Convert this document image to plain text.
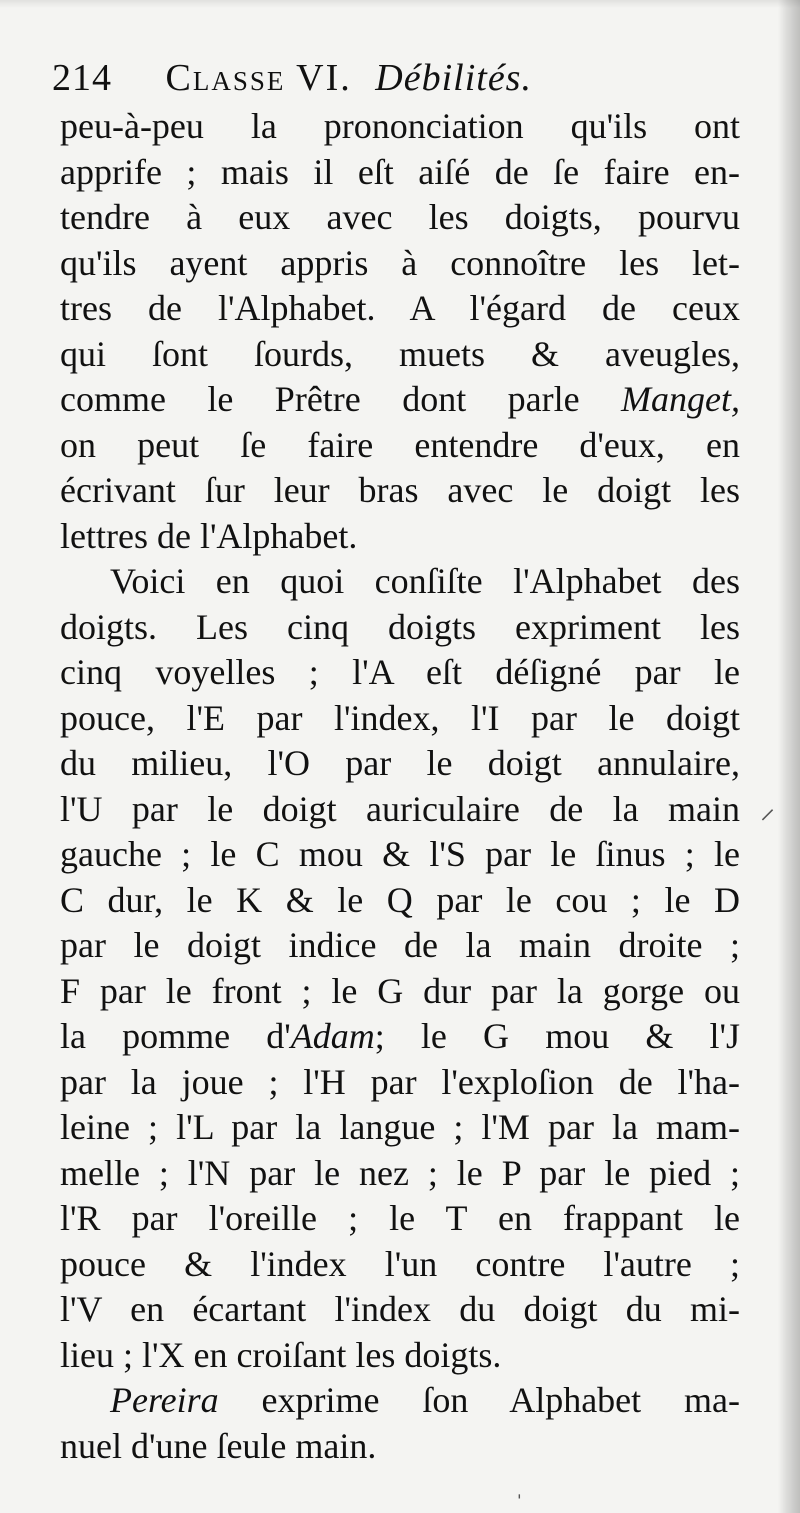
214 Classe VI. Débilités.
peu-à-peu la prononciation qu'ils ont
apprife ; mais il eſt aiſé de ſe faire en-
tendre à eux avec les doigts, pourvu
qu'ils ayent appris à connoître les let-
tres de l'Alphabet. A l'égard de ceux
qui ſont ſourds, muets & aveugles,
comme le Prêtre dont parle Manget,
on peut ſe faire entendre d'eux, en
écrivant ſur leur bras avec le doigt les
lettres de l'Alphabet.
Voici en quoi conſiſte l'Alphabet des
doigts. Les cinq doigts expriment les
cinq voyelles ; l'A eſt déſigné par le
pouce, l'E par l'index, l'I par le doigt
du milieu, l'O par le doigt annulaire,
l'U par le doigt auriculaire de la main
gauche ; le C mou & l'S par le ſinus ; le
C dur, le K & le Q par le cou ; le D
par le doigt indice de la main droite ;
F par le front ; le G dur par la gorge ou
la pomme d'Adam; le G mou & l'J
par la joue ; l'H par l'exploſion de l'ha-
leine ; l'L par la langue ; l'M par la mam-
melle ; l'N par le nez ; le P par le pied ;
l'R par l'oreille ; le T en frappant le
pouce & l'index l'un contre l'autre ;
l'V en écartant l'index du doigt du mi-
lieu ; l'X en croiſant les doigts.
Pereira exprime ſon Alphabet ma-
nuel d'une ſeule main.
⸝
ˌ
